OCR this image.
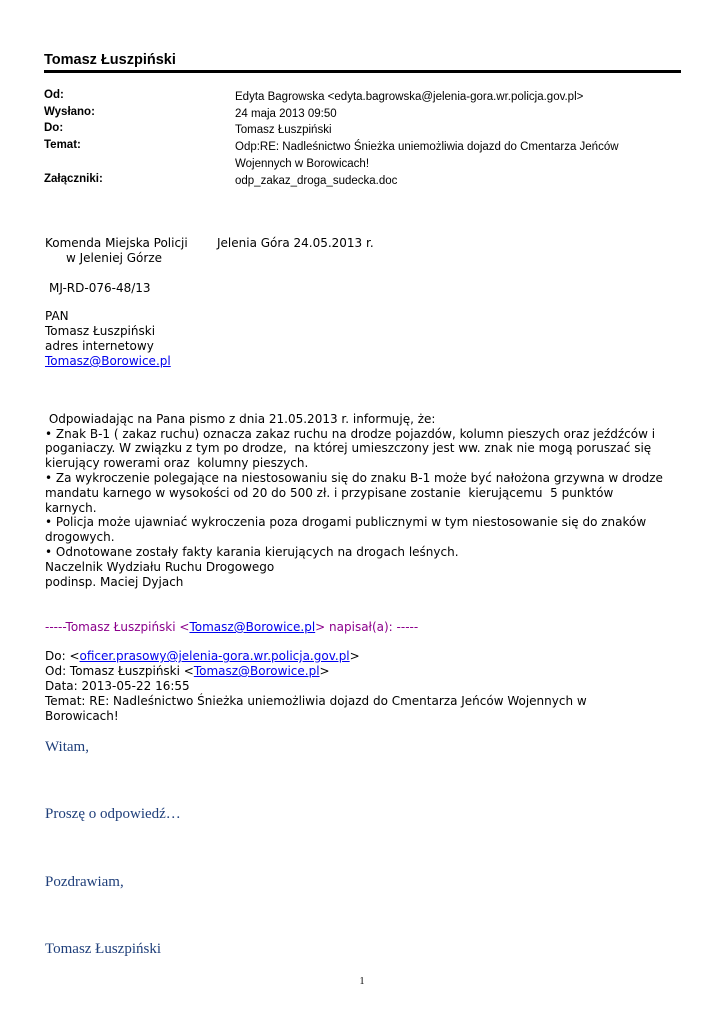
Tomasz Łuszpiński
Od:	Edyta Bagrowska <edyta.bagrowska@jelenia-gora.wr.policja.gov.pl>
Wysłano:	24 maja 2013 09:50
Do:	Tomasz Łuszpiński
Temat:	Odp:RE: Nadleśnictwo Śnieżka uniemożliwia dojazd do Cmentarza Jeńców
Wojennych w Borowicach!
Załączniki:	odp_zakaz_droga_sudecka.doc
Komenda Miejska Policji Jelenia Góra 24.05.2013 r.
w Jeleniej Górze
MJ-RD-076-48/13
PAN
Tomasz Łuszpiński
adres internetowy
Tomasz@Borowice.pl

Odpowiadając na Pana pismo z dnia 21.05.2013 r. informuję, że:
• Znak B-1 ( zakaz ruchu) oznacza zakaz ruchu na drodze pojazdów, kolumn pieszych oraz jeźdźców i
poganiaczy. W związku z tym po drodze,  na której umieszczony jest ww. znak nie mogą poruszać się
kierujący rowerami oraz  kolumny pieszych.
• Za wykroczenie polegające na niestosowaniu się do znaku B-1 może być nałożona grzywna w drodze
mandatu karnego w wysokości od 20 do 500 zł. i przypisane zostanie  kierującemu  5 punktów
karnych.
• Policja może ujawniać wykroczenia poza drogami publicznymi w tym niestosowanie się do znaków
drogowych.
• Odnotowane zostały fakty karania kierujących na drogach leśnych.

Naczelnik Wydziału Ruchu Drogowego
podinsp. Maciej Dyjach
-----Tomasz Łuszpiński <Tomasz@Borowice.pl> napisał(a): -----
Do: <oficer.prasowy@jelenia-gora.wr.policja.gov.pl>
Od: Tomasz Łuszpiński <Tomasz@Borowice.pl>
Data: 2013-05-22 16:55
Temat: RE: Nadleśnictwo Śnieżka uniemożliwia dojazd do Cmentarza Jeńców Wojennych w
Borowicach!
Witam,
Proszę o odpowiedź…
Pozdrawiam,
Tomasz Łuszpiński
1
